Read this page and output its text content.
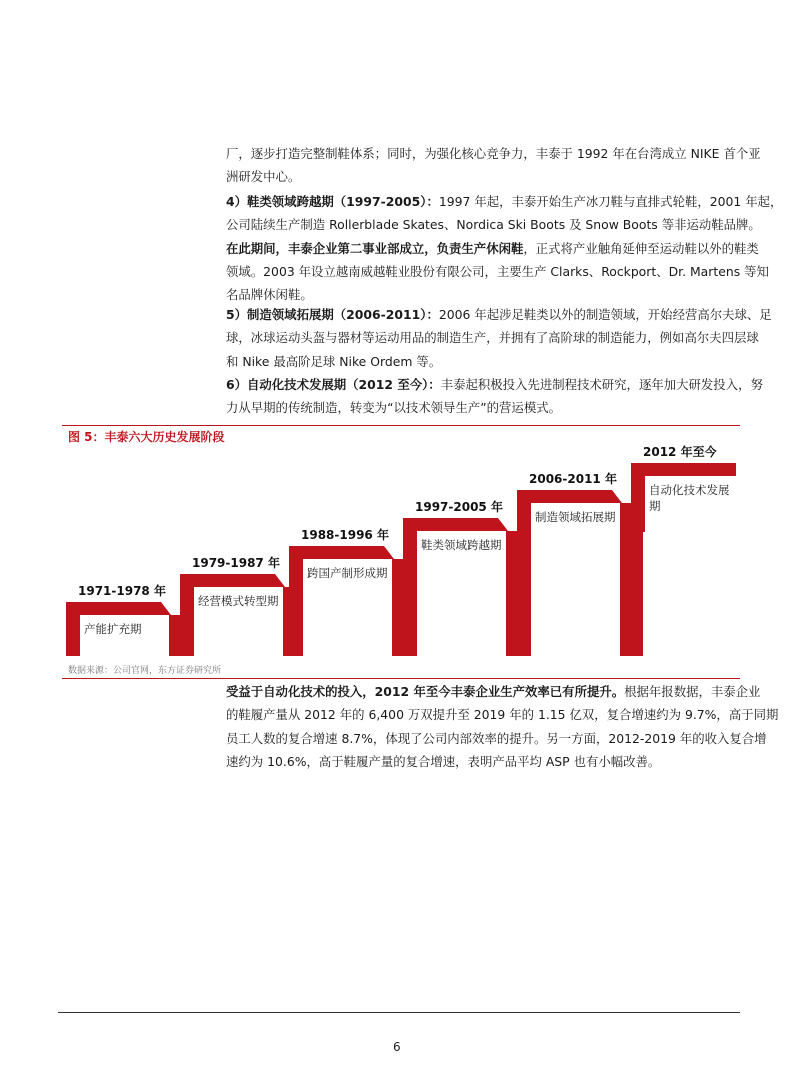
厂，逐步打造完整制鞋体系；同时，为强化核心竞争力，丰泰于 1992 年在台湾成立 NIKE 首个亚
洲研发中心。
4）鞋类领域跨越期（1997-2005）：1997 年起，丰泰开始生产冰刀鞋与直排式轮鞋，2001 年起，
公司陆续生产制造 Rollerblade Skates、Nordica Ski Boots 及 Snow Boots 等非运动鞋品牌。
在此期间，丰泰企业第二事业部成立，负责生产休闲鞋，正式将产业触角延伸至运动鞋以外的鞋类
领域。2003 年设立越南威越鞋业股份有限公司，主要生产 Clarks、Rockport、Dr. Martens 等知
名品牌休闲鞋。
5）制造领域拓展期（2006-2011）：2006 年起涉足鞋类以外的制造领域，开始经营高尔夫球、足
球，冰球运动头盔与器材等运动用品的制造生产，并拥有了高阶球的制造能力，例如高尔夫四层球
和 Nike 最高阶足球 Nike Ordem 等。
6）自动化技术发展期（2012 至今）：丰泰起积极投入先进制程技术研究，逐年加大研发投入，努
力从早期的传统制造，转变为“以技术领导生产”的营运模式。
图 5：丰泰六大历史发展阶段
1971-1978 年
产能扩充期
1979-1987 年
经营模式转型期
1988-1996 年
跨国产制形成期
1997-2005 年
鞋类领域跨越期
2006-2011 年
制造领域拓展期
2012 年至今
自动化技术发展
期
数据来源：公司官网，东方证券研究所
受益于自动化技术的投入，2012 年至今丰泰企业生产效率已有所提升。根据年报数据，丰泰企业
的鞋履产量从 2012 年的 6,400 万双提升至 2019 年的 1.15 亿双，复合增速约为 9.7%，高于同期
员工人数的复合增速 8.7%，体现了公司内部效率的提升。另一方面，2012-2019 年的收入复合增
速约为 10.6%，高于鞋履产量的复合增速，表明产品平均 ASP 也有小幅改善。
6
